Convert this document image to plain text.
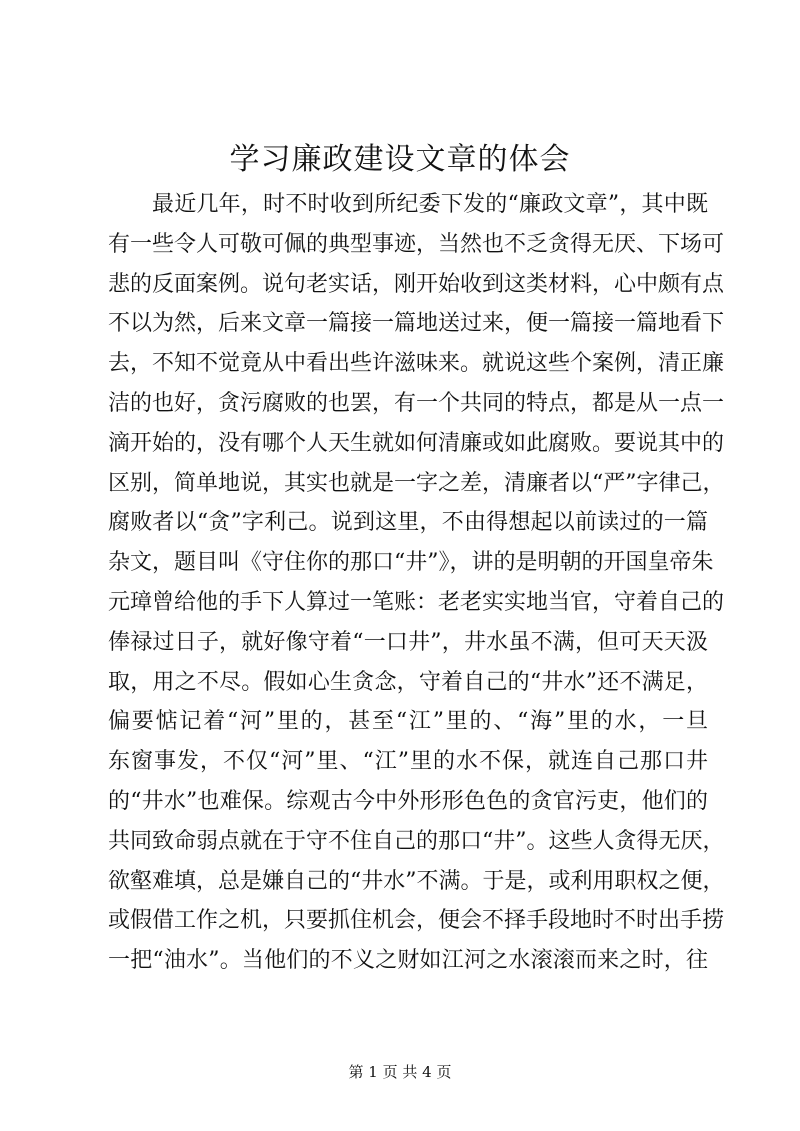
学习廉政建设文章的体会
最近几年，时不时收到所纪委下发的“廉政文章”，其中既
有一些令人可敬可佩的典型事迹，当然也不乏贪得无厌、下场可
悲的反面案例。说句老实话，刚开始收到这类材料，心中颇有点
不以为然，后来文章一篇接一篇地送过来，便一篇接一篇地看下
去，不知不觉竟从中看出些许滋味来。就说这些个案例，清正廉
洁的也好，贪污腐败的也罢，有一个共同的特点，都是从一点一
滴开始的，没有哪个人天生就如何清廉或如此腐败。要说其中的
区别，简单地说，其实也就是一字之差，清廉者以“严”字律己，
腐败者以“贪”字利己。说到这里，不由得想起以前读过的一篇
杂文，题目叫《守住你的那口“井”》，讲的是明朝的开国皇帝朱
元璋曾给他的手下人算过一笔账：老老实实地当官，守着自己的
俸禄过日子，就好像守着“一口井”，井水虽不满，但可天天汲
取，用之不尽。假如心生贪念，守着自己的“井水”还不满足，
偏要惦记着“河”里的，甚至“江”里的、“海”里的水，一旦
东窗事发，不仅“河”里、“江”里的水不保，就连自己那口井
的“井水”也难保。综观古今中外形形色色的贪官污吏，他们的
共同致命弱点就在于守不住自己的那口“井”。这些人贪得无厌，
欲壑难填，总是嫌自己的“井水”不满。于是，或利用职权之便，
或假借工作之机，只要抓住机会，便会不择手段地时不时出手捞
一把“油水”。当他们的不义之财如江河之水滚滚而来之时，往
第 1 页 共 4 页
